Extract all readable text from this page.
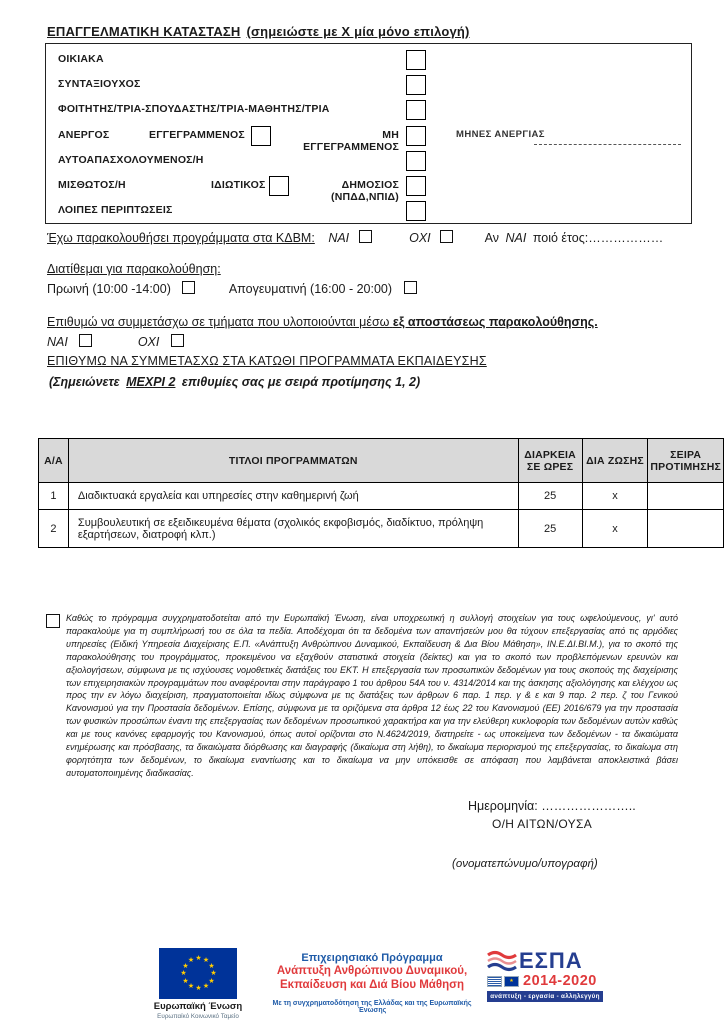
ΕΠΑΓΓΕΛΜΑΤΙΚΗ ΚΑΤΑΣΤΑΣΗ (σημειώστε με Χ μία μόνο επιλογή)
ΟΙΚΙΑΚΑ
ΣΥΝΤΑΞΙΟΥΧΟΣ
ΦΟΙΤΗΤΗΣ/ΤΡΙΑ-ΣΠΟΥΔΑΣΤΗΣ/ΤΡΙΑ-ΜΑΘΗΤΗΣ/ΤΡΙΑ
ΑΝΕΡΓΟΣ	ΕΓΓΕΓΡΑΜΜΕΝΟΣ	ΜΗ ΕΓΓΕΓΡΑΜΜΕΝΟΣ
ΜΗΝΕΣ ΑΝΕΡΓΙΑΣ
ΑΥΤΟΑΠΑΣΧΟΛΟΥΜΕΝΟΣ/Η
ΜΙΣΘΩΤΟΣ/Η	ΙΔΙΩΤΙΚΟΣ	ΔΗΜΟΣΙΟΣ (ΝΠΔΔ,ΝΠΙΔ)
ΛΟΙΠΕΣ ΠΕΡΙΠΤΩΣΕΙΣ
Έχω παρακολουθήσει προγράμματα στα ΚΔΒΜ: ΝΑΙ	ΟΧΙ	Αν ΝΑΙ ποιό έτος:………………
Διατίθεμαι για παρακολούθηση:
Πρωινή (10:00 -14:00)	Απογευματινή (16:00 - 20:00)
Επιθυμώ να συμμετάσχω σε τμήματα που υλοποιούνται μέσω εξ αποστάσεως παρακολούθησης.
ΝΑΙ	ΟΧΙ
ΕΠΙΘΥΜΩ ΝΑ ΣΥΜΜΕΤΑΣΧΩ ΣΤΑ ΚΑΤΩΘΙ ΠΡΟΓΡΑΜΜΑΤΑ ΕΚΠΑΙΔΕΥΣΗΣ
(Σημειώνετε ΜΕΧΡΙ 2 επιθυμίες σας με σειρά προτίμησης 1, 2)
Α/Α	ΤΙΤΛΟΙ ΠΡΟΓΡΑΜΜΑΤΩΝ	ΔΙΑΡΚΕΙΑ ΣΕ ΩΡΕΣ	ΔΙΑ ΖΩΣΗΣ	ΣΕΙΡΑ ΠΡΟΤΙΜΗΣΗΣ
1	Διαδικτυακά εργαλεία και υπηρεσίες στην καθημερινή ζωή	25	x	
2	Συμβουλευτική σε εξειδικευμένα θέματα (σχολικός εκφοβισμός, διαδίκτυο, πρόληψη εξαρτήσεων, διατροφή κλπ.)	25	x	

Καθώς το πρόγραμμα συγχρηματοδοτείται από την Ευρωπαϊκή Ένωση, είναι υποχρεωτική η συλλογή στοιχείων για τους ωφελούμενους, γι' αυτό παρακαλούμε για τη συμπλήρωσή του σε όλα τα πεδία. Αποδέχομαι ότι τα δεδομένα των απαντήσεών μου θα τύχουν επεξεργασίας από τις αρμόδιες υπηρεσίες (Ειδική Υπηρεσία Διαχείρισης Ε.Π. «Ανάπτυξη Ανθρώπινου Δυναμικού, Εκπαίδευση & Δια Βίου Μάθηση», ΙΝ.Ε.ΔΙ.ΒΙ.Μ.), για το σκοπό της παρακολούθησης του προγράμματος, προκειμένου να εξαχθούν στατιστικά στοιχεία (δείκτες) και για το σκοπό των προβλεπόμενων ερευνών και αξιολογήσεων, σύμφωνα με τις ισχύουσες νομοθετικές διατάξεις του ΕΚΤ. Η επεξεργασία των προσωπικών δεδομένων για τους σκοπούς της διαχείρισης των επιχειρησιακών προγραμμάτων που αναφέρονται στην παράγραφο 1 του άρθρου 54Α του ν. 4314/2014 και της άσκησης αξιολόγησης και ελέγχου ως προς την εν λόγω διαχείριση, πραγματοποιείται ιδίως σύμφωνα με τις διατάξεις των άρθρων 6 παρ. 1 περ. γ & ε και 9 παρ. 2 περ. ζ του Γενικού Κανονισμού για την Προστασία δεδομένων. Επίσης, σύμφωνα με τα οριζόμενα στα άρθρα 12 έως 22 του Κανονισμού (ΕΕ) 2016/679 για την προστασία των φυσικών προσώπων έναντι της επεξεργασίας των δεδομένων προσωπικού χαρακτήρα και για την ελεύθερη κυκλοφορία των δεδομένων αυτών καθώς και με τους κανόνες εφαρμογής του Κανονισμού, όπως αυτοί ορίζονται στο Ν.4624/2019, διατηρείτε - ως υποκείμενα των δεδομένων - τα δικαιώματα ενημέρωσης και πρόσβασης, τα δικαιώματα διόρθωσης και διαγραφής (δικαίωμα στη λήθη), το δικαίωμα περιορισμού της επεξεργασίας, το δικαίωμα στη φορητότητα των δεδομένων, το δικαίωμα εναντίωσης και το δικαίωμα να μην υπόκεισθε σε απόφαση που λαμβάνεται αποκλειστικά βάσει αυτοματοποιημένης διαδικασίας.

Ημερομηνία: …………………..
Ο/Η ΑΙΤΩΝ/ΟΥΣΑ
(ονοματεπώνυμο/υπογραφή)
★ ★
★
★
★
★
★
★
★
★
★
★
Ευρωπαϊκή Ένωση
Ευρωπαϊκό Κοινωνικό Ταμείο
Επιχειρησιακό Πρόγραμμα
Ανάπτυξη Ανθρώπινου Δυναμικού,
Εκπαίδευση και Διά Βίου Μάθηση
Με τη συγχρηματοδότηση της Ελλάδας και της Ευρωπαϊκής Ένωσης
ΕΣΠΑ
★ 2014-2020
ανάπτυξη - εργασία - αλληλεγγύη
